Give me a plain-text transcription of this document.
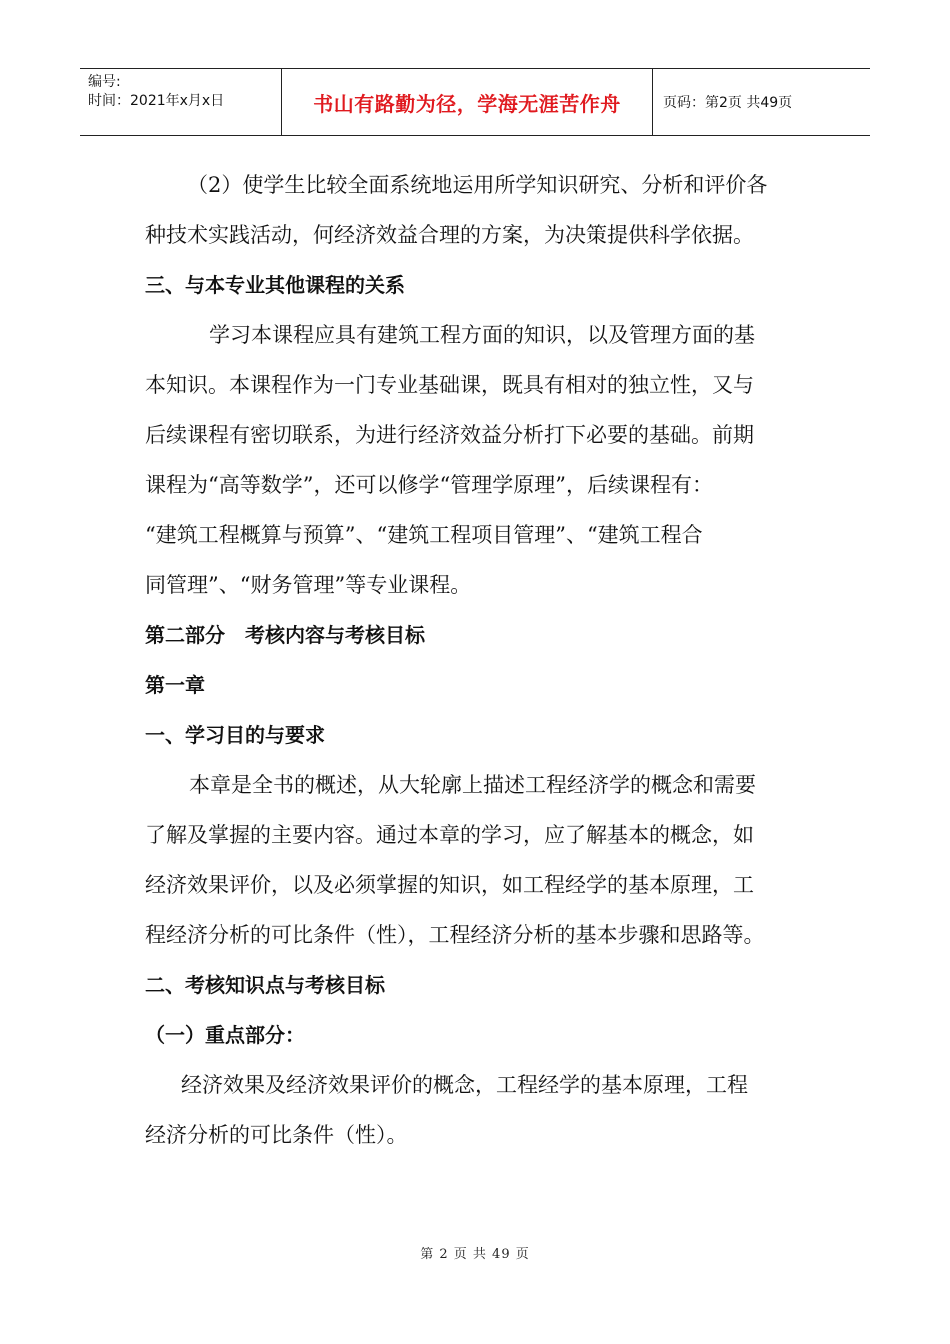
编号:
时间：2021年x月x日	书山有路勤为径，学海无涯苦作舟	页码：第2页 共49页

（2）使学生比较全面系统地运用所学知识研究、分析和评价各

种技术实践活动，何经济效益合理的方案，为决策提供科学依据。

三、与本专业其他课程的关系

学习本课程应具有建筑工程方面的知识，以及管理方面的基

本知识。本课程作为一门专业基础课，既具有相对的独立性，又与

后续课程有密切联系，为进行经济效益分析打下必要的基础。前期

课程为“高等数学”，还可以修学“管理学原理”，后续课程有：

“建筑工程概算与预算”、“建筑工程项目管理”、“建筑工程合

同管理”、“财务管理”等专业课程。

第二部分　考核内容与考核目标

第一章

一、学习目的与要求

本章是全书的概述，从大轮廓上描述工程经济学的概念和需要

了解及掌握的主要内容。通过本章的学习，应了解基本的概念，如

经济效果评价，以及必须掌握的知识，如工程经学的基本原理，工

程经济分析的可比条件（性），工程经济分析的基本步骤和思路等。

二、考核知识点与考核目标

（一）重点部分：

经济效果及经济效果评价的概念，工程经学的基本原理，工程

经济分析的可比条件（性）。

第 2 页 共 49 页
